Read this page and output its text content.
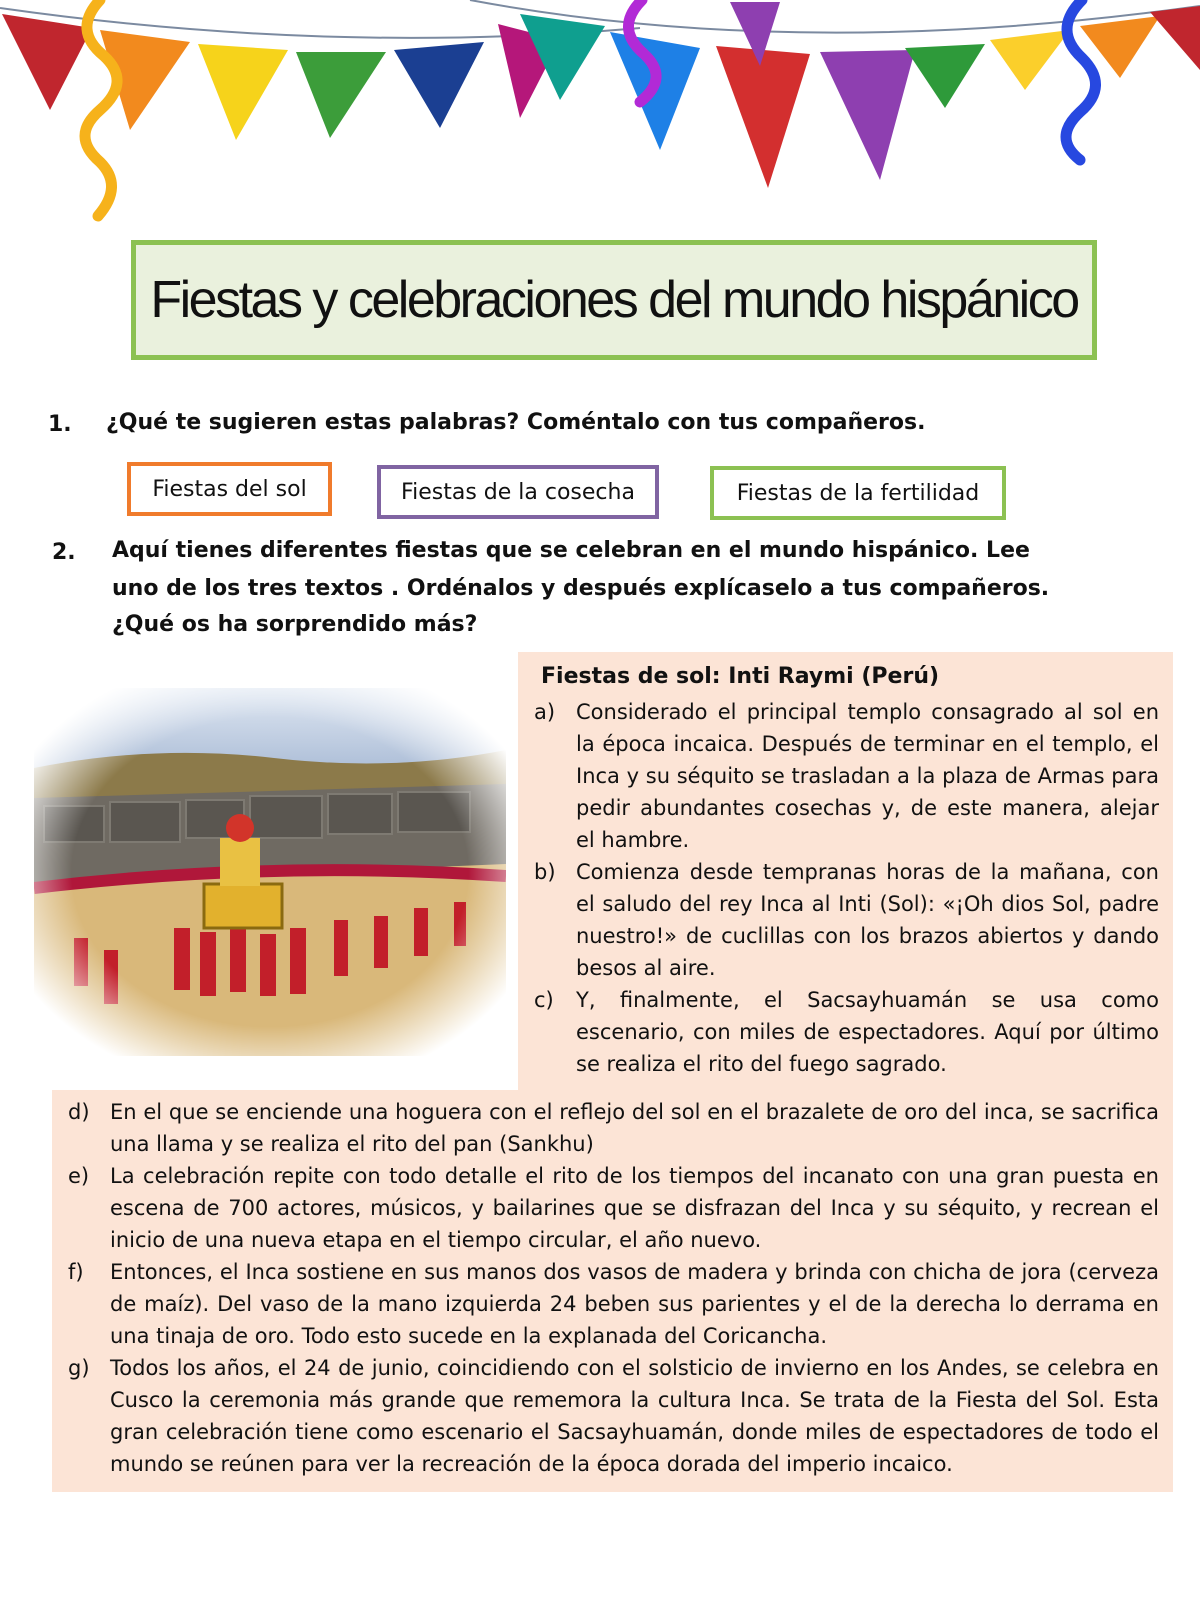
Fiestas y celebraciones del mundo hispánico
1. ¿Qué te sugieren estas palabras? Coméntalo con tus compañeros.
Fiestas del sol	Fiestas de la cosecha	Fiestas de la fertilidad
2. Aquí tienes diferentes fiestas que se celebran en el mundo hispánico. Lee
uno de los tres textos . Ordénalos y después explícaselo a tus compañeros.
¿Qué os ha sorprendido más?
Fiestas de sol: Inti Raymi (Perú)
a) Considerado el principal templo consagrado al sol en la época incaica. Después de terminar en el templo, el Inca y su séquito se trasladan a la plaza de Armas para pedir abundantes cosechas y, de este manera, alejar el hambre.
b) Comienza desde tempranas horas de la mañana, con el saludo del rey Inca al Inti (Sol): «¡Oh dios Sol, padre nuestro!» de cuclillas con los brazos abiertos y dando besos al aire.
c) Y, finalmente, el Sacsayhuamán se usa como escenario, con miles de espectadores. Aquí por último se realiza el rito del fuego sagrado.
d) En el que se enciende una hoguera con el reflejo del sol en el brazalete de oro del inca, se sacrifica una llama y se realiza el rito del pan (Sankhu)
e) La celebración repite con todo detalle el rito de los tiempos del incanato con una gran puesta en escena de 700 actores, músicos, y bailarines que se disfrazan del Inca y su séquito, y recrean el inicio de una nueva etapa en el tiempo circular, el año nuevo.
f) Entonces, el Inca sostiene en sus manos dos vasos de madera y brinda con chicha de jora (cerveza de maíz). Del vaso de la mano izquierda 24 beben sus parientes y el de la derecha lo derrama en una tinaja de oro. Todo esto sucede en la explanada del Coricancha.
g) Todos los años, el 24 de junio, coincidiendo con el solsticio de invierno en los Andes, se celebra en Cusco la ceremonia más grande que rememora la cultura Inca. Se trata de la Fiesta del Sol. Esta gran celebración tiene como escenario el Sacsayhuamán, donde miles de espectadores de todo el mundo se reúnen para ver la recreación de la época dorada del imperio incaico.
